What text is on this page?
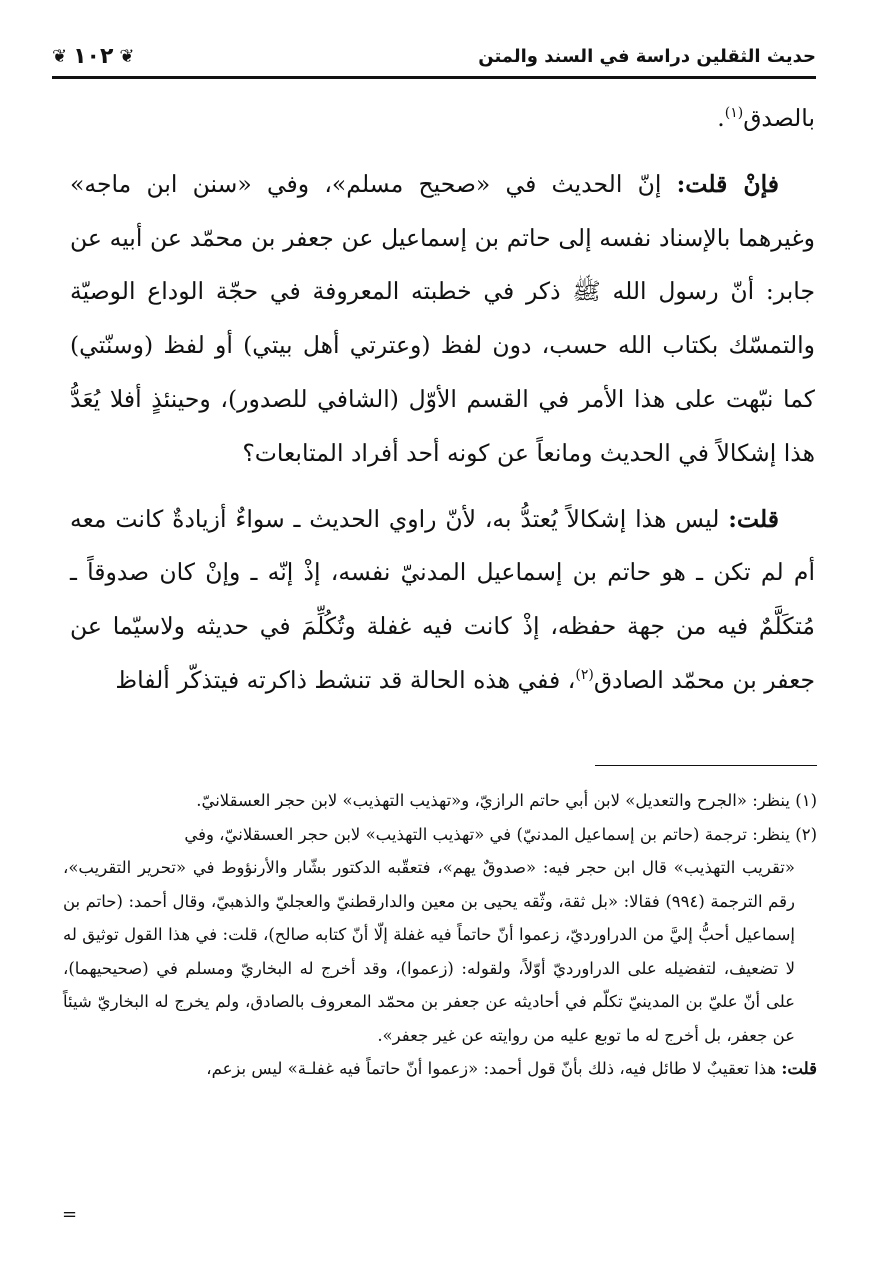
حديث الثقلين دراسة في السند والمتن
❦ ١٠٢ ❦

بالصدق$^{(١)}$.

فإنْ قلت: إنّ الحديث في «صحيح مسلم»، وفي «سنن ابن ماجه» وغيرهما بالإسناد نفسه إلى حاتم بن إسماعيل عن جعفر بن محمّد عن أبيه عن جابر: أنّ رسول الله ﷺ ذكر في خطبته المعروفة في حجّة الوداع الوصيّة والتمسّك بكتاب الله حسب، دون لفظ (وعترتي أهل بيتي) أو لفظ (وسنّتي) كما نبّهت على هذا الأمر في القسم الأوّل (الشافي للصدور)، وحينئذٍ أفلا يُعَدُّ هذا إشكالاً في الحديث ومانعاً عن كونه أحد أفراد المتابعات؟

قلت: ليس هذا إشكالاً يُعتدُّ به، لأنّ راوي الحديث ـ سواءٌ أزيادةٌ كانت معه أم لم تكن ـ هو حاتم بن إسماعيل المدنيّ نفسه، إذْ إنّه ـ وإنْ كان صدوقاً ـ مُتكَلَّمٌ فيه من جهة حفظه، إذْ كانت فيه غفلة وتُكُلِّمَ في حديثه ولاسيّما عن جعفر بن محمّد الصادق$^{(٢)}$، ففي هذه الحالة قد تنشط ذاكرته فيتذكّر ألفاظ

(١) ينظر: «الجرح والتعديل» لابن أبي حاتم الرازيّ، و«تهذيب التهذيب» لابن حجر العسقلانيّ.

(٢) ينظر: ترجمة (حاتم بن إسماعيل المدنيّ) في «تهذيب التهذيب» لابن حجر العسقلانيّ، وفي

«تقريب التهذيب» قال ابن حجر فيه: «صدوقٌ يهم»، فتعقّبه الدكتور بشّار والأرنؤوط في «تحرير التقريب»، رقم الترجمة (٩٩٤) فقالا: «بل ثقة، وثّقه يحيى بن معين والدارقطنيّ والعجليّ والذهبيّ، وقال أحمد: (حاتم بن إسماعيل أحبُّ إليَّ من الدراورديّ، زعموا أنّ حاتماً فيه غفلة إلّا أنّ كتابه صالح)، قلت: في هذا القول توثيق له لا تضعيف، لتفضيله على الدراورديّ أوّلاً، ولقوله: (زعموا)، وقد أخرج له البخاريّ ومسلم في (صحيحيهما)، على أنّ عليّ بن المدينيّ تكلّم في أحاديثه عن جعفر بن محمّد المعروف بالصادق، ولم يخرج له البخاريّ شيئاً عن جعفر، بل أخرج له ما توبع عليه من روايته عن غير جعفر».

قلت: هذا تعقيبٌ لا طائل فيه، ذلك بأنّ قول أحمد: «زعموا أنّ حاتماً فيه غفلـة» ليس بزعم،

=
